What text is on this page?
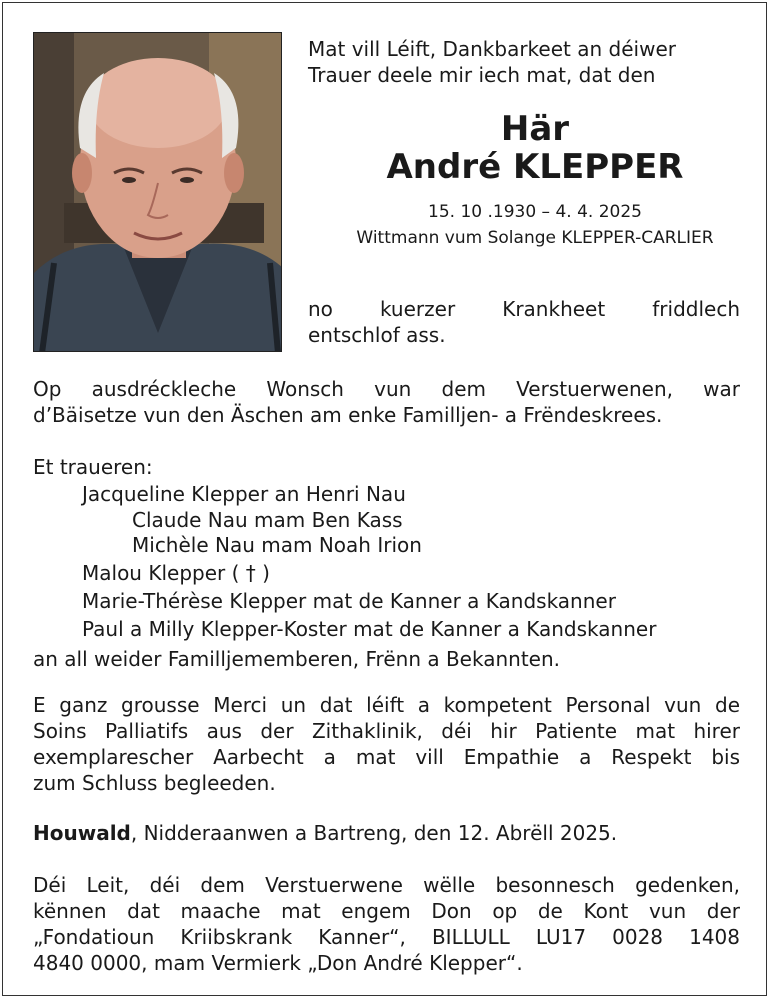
Mat vill Léift, Dankbarkeet an déiwer

Trauer deele mir iech mat, dat den

Här
André KLEPPER
15. 10 .1930 – 4. 4. 2025
Wittmann vum Solange KLEPPER-CARLIER

no kuerzer Krankheet friddlech

entschlof ass.

Op ausdréckleche Wonsch vun dem Verstuerwenen, war

d’Bäisetze vun den Äschen am enke Familljen- a Frëndeskrees.

Et traueren:

Jacqueline Klepper an Henri Nau

Claude Nau mam Ben Kass

Michèle Nau mam Noah Irion

Malou Klepper ( † )

Marie-Thérèse Klepper mat de Kanner a Kandskanner

Paul a Milly Klepper-Koster mat de Kanner a Kandskanner

an all weider Familljememberen, Frënn a Bekannten.

E ganz grousse Merci un dat léift a kompetent Personal vun de

Soins Palliatifs aus der Zithaklinik, déi hir Patiente mat hirer

exemplarescher Aarbecht a mat vill Empathie a Respekt bis

zum Schluss begleeden.

Houwald, Nidderaanwen a Bartreng, den 12. Abrëll 2025.

Déi Leit, déi dem Verstuerwene wëlle besonnesch gedenken,

kënnen dat maache mat engem Don op de Kont vun der

„Fondatioun Kriibskrank Kanner“, BILLULL LU17 0028 1408

4840 0000, mam Vermierk „Don André Klepper“.
